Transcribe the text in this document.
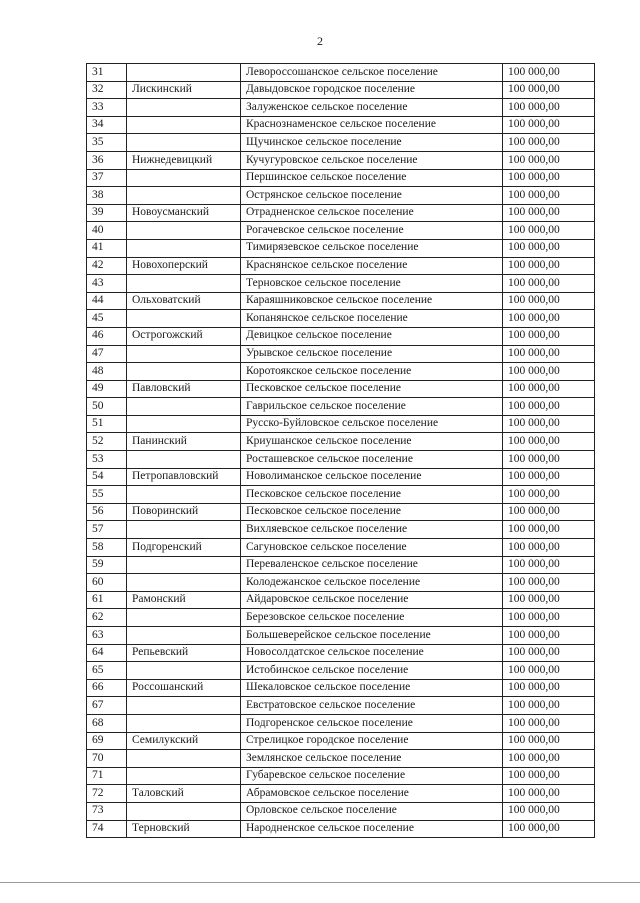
2
31		Левороссошанское сельское поселение	100 000,00
32	Лискинский	Давыдовское городское поселение	100 000,00
33		Залуженское сельское поселение	100 000,00
34		Краснознаменское сельское поселение	100 000,00
35		Щучинское сельское поселение	100 000,00
36	Нижнедевицкий	Кучугуровское сельское поселение	100 000,00
37		Першинское сельское поселение	100 000,00
38		Острянское сельское поселение	100 000,00
39	Новоусманский	Отрадненское сельское поселение	100 000,00
40		Рогачевское сельское поселение	100 000,00
41		Тимирязевское сельское поселение	100 000,00
42	Новохоперский	Краснянское сельское поселение	100 000,00
43		Терновское сельское поселение	100 000,00
44	Ольховатский	Караяшниковское сельское поселение	100 000,00
45		Копанянское сельское поселение	100 000,00
46	Острогожский	Девицкое сельское поселение	100 000,00
47		Урывское сельское поселение	100 000,00
48		Коротоякское сельское поселение	100 000,00
49	Павловский	Песковское сельское поселение	100 000,00
50		Гаврильское сельское поселение	100 000,00
51		Русско-Буйловское сельское поселение	100 000,00
52	Панинский	Криушанское сельское поселение	100 000,00
53		Росташевское сельское поселение	100 000,00
54	Петропавловский	Новолиманское сельское поселение	100 000,00
55		Песковское сельское поселение	100 000,00
56	Поворинский	Песковское сельское поселение	100 000,00
57		Вихляевское сельское поселение	100 000,00
58	Подгоренский	Сагуновское сельское поселение	100 000,00
59		Переваленское сельское поселение	100 000,00
60		Колодежанское сельское поселение	100 000,00
61	Рамонский	Айдаровское сельское поселение	100 000,00
62		Березовское сельское поселение	100 000,00
63		Большеверейское сельское поселение	100 000,00
64	Репьевский	Новосолдатское сельское поселение	100 000,00
65		Истобинское сельское поселение	100 000,00
66	Россошанский	Шекаловское сельское поселение	100 000,00
67		Евстратовское сельское поселение	100 000,00
68		Подгоренское сельское поселение	100 000,00
69	Семилукский	Стрелицкое городское поселение	100 000,00
70		Землянское сельское поселение	100 000,00
71		Губаревское сельское поселение	100 000,00
72	Таловский	Абрамовское сельское поселение	100 000,00
73		Орловское сельское поселение	100 000,00
74	Терновский	Народненское сельское поселение	100 000,00
